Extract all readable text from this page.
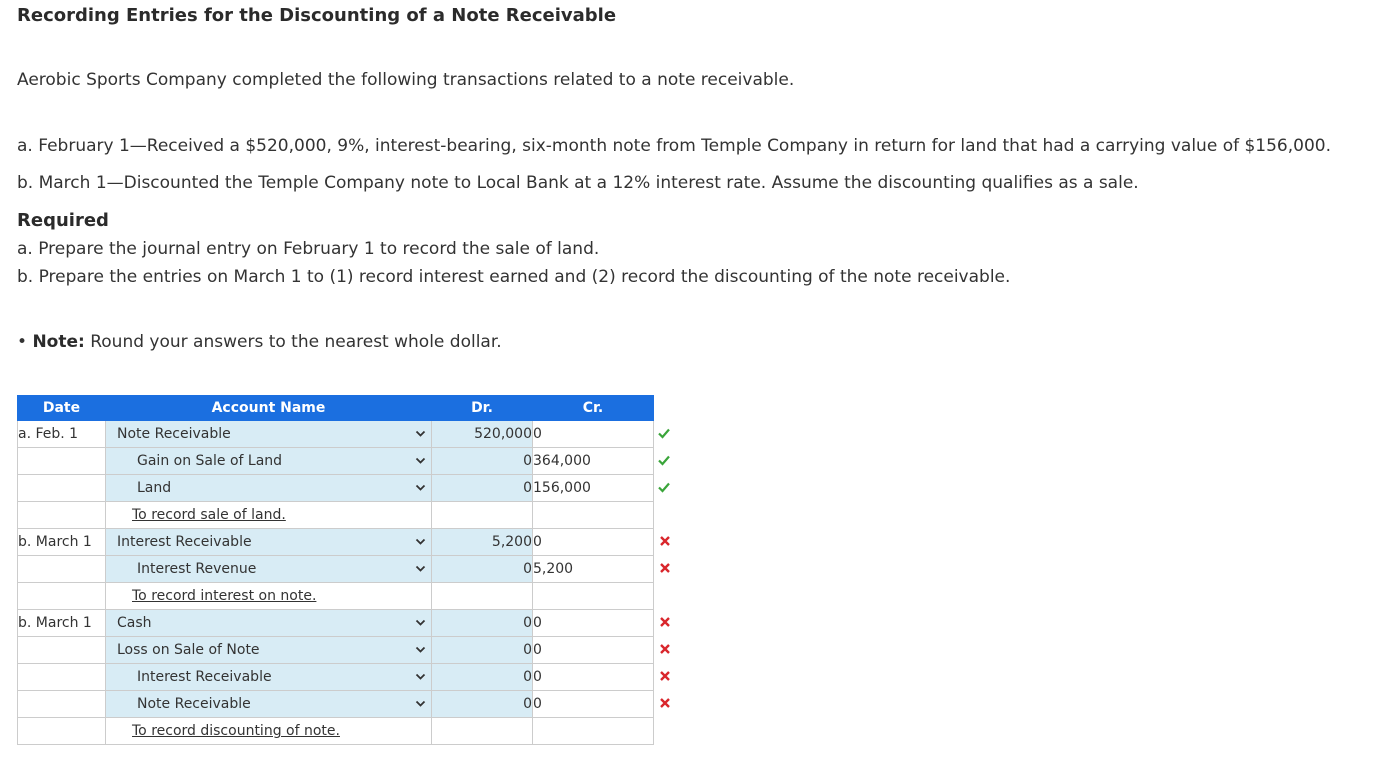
Recording Entries for the Discounting of a Note Receivable
Aerobic Sports Company completed the following transactions related to a note receivable.
a. February 1—Received a $520,000, 9%, interest-bearing, six-month note from Temple Company in return for land that had a carrying value of $156,000.
b. March 1—Discounted the Temple Company note to Local Bank at a 12% interest rate. Assume the discounting qualifies as a sale.
Required
a. Prepare the journal entry on February 1 to record the sale of land.
b. Prepare the entries on March 1 to (1) record interest earned and (2) record the discounting of the note receivable.
• Note: Round your answers to the nearest whole dollar.
Date	Account Name	Dr.	Cr.
a. Feb. 1	Note Receivable	520,000	0

	Gain on Sale of Land	0	364,000

	Land	0	156,000

	To record sale of land.		

b. March 1	Interest Receivable	5,200	0

	Interest Revenue	0	5,200

	To record interest on note.		

b. March 1	Cash	0	0

	Loss on Sale of Note	0	0

	Interest Receivable	0	0

	Note Receivable	0	0

	To record discounting of note.		
